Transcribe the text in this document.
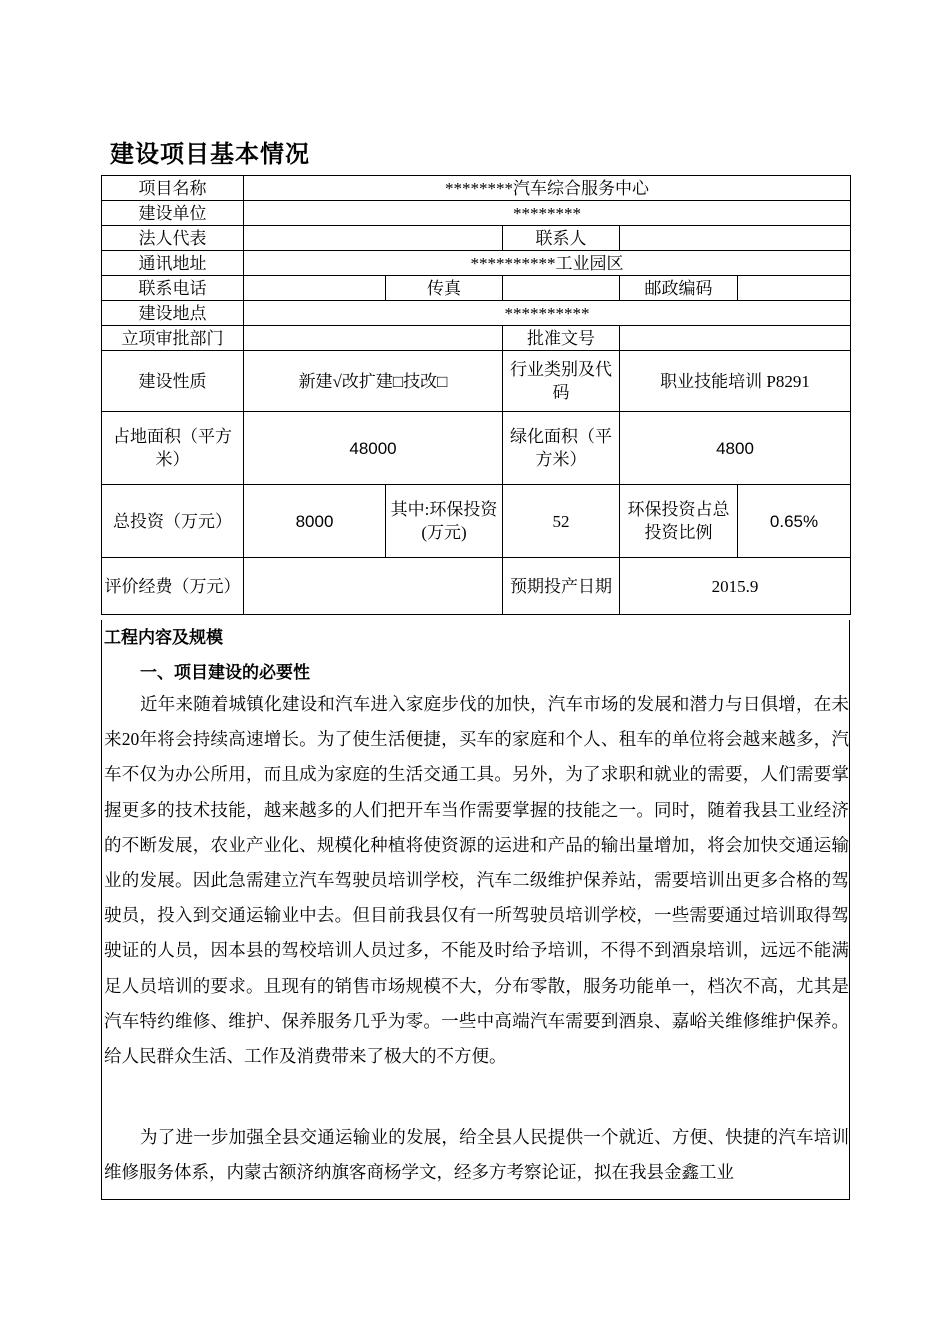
建设项目基本情况
项目名称	********汽车综合服务中心				
建设单位	********				
法人代表			联系人		
通讯地址	**********工业园区				
联系电话		传真		邮政编码	
建设地点	**********				
立项审批部门			批准文号		
建设性质	新建√改扩建□技改□		行业类别及代码	职业技能培训 P8291	
占地面积（平方米）	48000		绿化面积（平方米）	4800	
总投资（万元）	8000	其中:环保投资(万元)	52	环保投资占总投资比例	0.65%
评价经费（万元）			预期投产日期	2015.9	
工程内容及规模
一、项目建设的必要性

近年来随着城镇化建设和汽车进入家庭步伐的加快，汽车市场的发展和潜力与日俱增，在未来20年将会持续高速增长。为了使生活便捷，买车的家庭和个人、租车的单位将会越来越多，汽车不仅为办公所用，而且成为家庭的生活交通工具。另外，为了求职和就业的需要，人们需要掌握更多的技术技能，越来越多的人们把开车当作需要掌握的技能之一。同时，随着我县工业经济的不断发展，农业产业化、规模化种植将使资源的运进和产品的输出量增加，将会加快交通运输业的发展。因此急需建立汽车驾驶员培训学校，汽车二级维护保养站，需要培训出更多合格的驾驶员，投入到交通运输业中去。但目前我县仅有一所驾驶员培训学校，一些需要通过培训取得驾驶证的人员，因本县的驾校培训人员过多，不能及时给予培训，不得不到酒泉培训，远远不能满足人员培训的要求。且现有的销售市场规模不大，分布零散，服务功能单一，档次不高，尤其是汽车特约维修、维护、保养服务几乎为零。一些中高端汽车需要到酒泉、嘉峪关维修维护保养。给人民群众生活、工作及消费带来了极大的不方便。

为了进一步加强全县交通运输业的发展，给全县人民提供一个就近、方便、快捷的汽车培训维修服务体系，内蒙古额济纳旗客商杨学文，经多方考察论证，拟在我县金鑫工业
